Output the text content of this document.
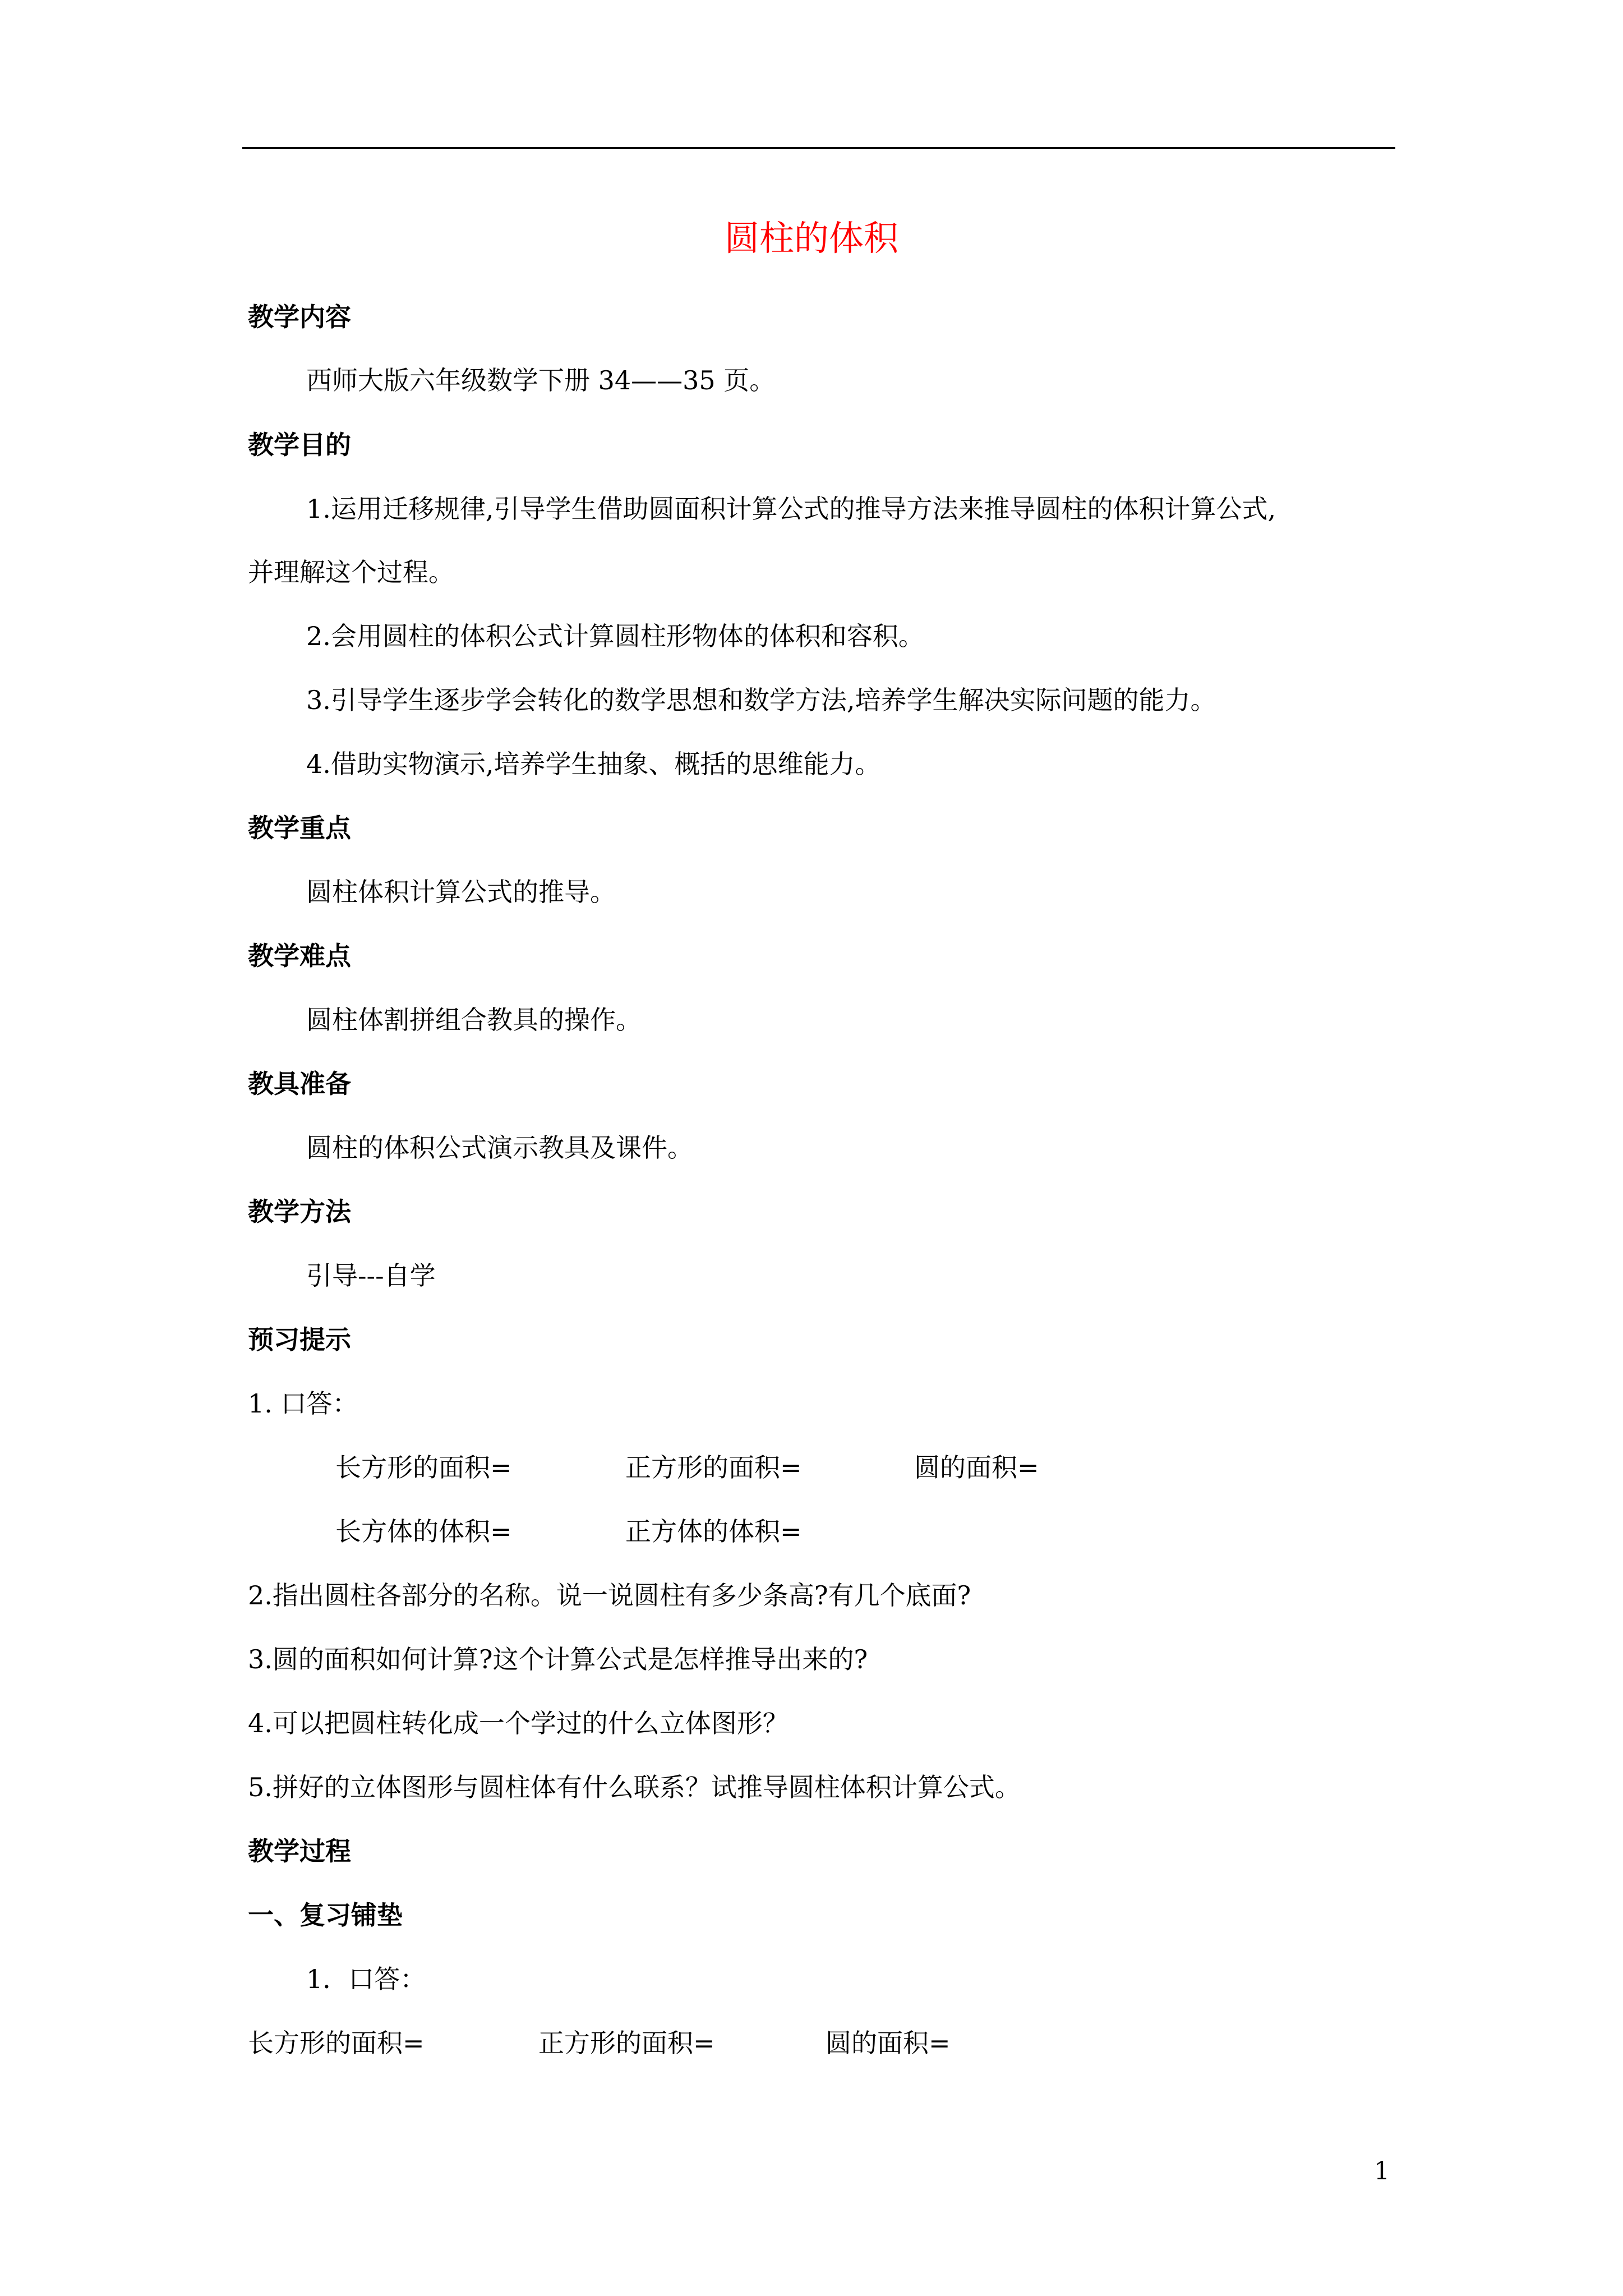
圆柱的体积
教学内容
西师大版六年级数学下册 34——35 页。
教学目的
1.运用迁移规律,引导学生借助圆面积计算公式的推导方法来推导圆柱的体积计算公式,
并理解这个过程。
2.会用圆柱的体积公式计算圆柱形物体的体积和容积。
3.引导学生逐步学会转化的数学思想和数学方法,培养学生解决实际问题的能力。
4.借助实物演示,培养学生抽象、概括的思维能力。
教学重点
圆柱体积计算公式的推导。
教学难点
圆柱体割拼组合教具的操作。
教具准备
圆柱的体积公式演示教具及课件。
教学方法
引导---自学
预习提示
1. 口答：
长方形的面积=	正方形的面积=	圆的面积=
长方体的体积=	正方体的体积=
2.指出圆柱各部分的名称。说一说圆柱有多少条高?有几个底面?
3.圆的面积如何计算?这个计算公式是怎样推导出来的?
4.可以把圆柱转化成一个学过的什么立体图形？
5.拼好的立体图形与圆柱体有什么联系？试推导圆柱体积计算公式。
教学过程
一、复习铺垫
1．口答：
长方形的面积=	正方形的面积=	圆的面积=
1
